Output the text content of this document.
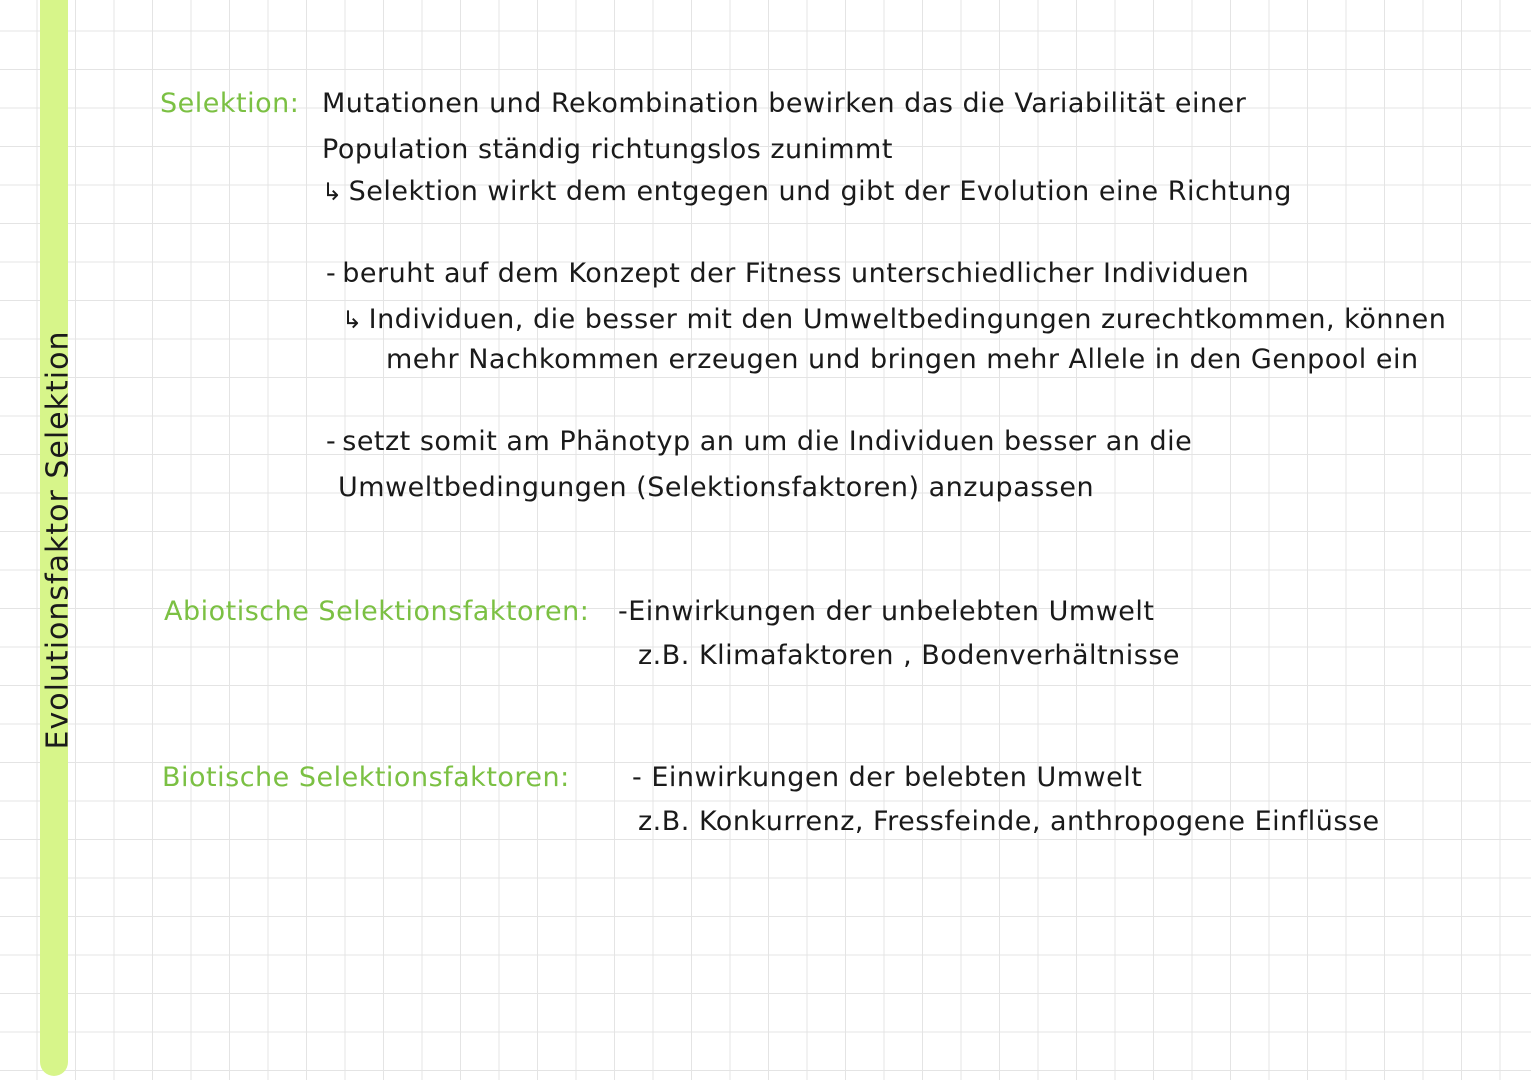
Evolutionsfaktor Selektion
Selektion: Mutationen und Rekombination bewirken das die Variabilität einer
Population ständig richtungslos zunimmt
↳ Selektion wirkt dem entgegen und gibt der Evolution eine Richtung
- beruht auf dem Konzept der Fitness unterschiedlicher Individuen
↳ Individuen, die besser mit den Umweltbedingungen zurechtkommen, können
mehr Nachkommen erzeugen und bringen mehr Allele in den Genpool ein
- setzt somit am Phänotyp an um die Individuen besser an die
Umweltbedingungen (Selektionsfaktoren) anzupassen
Abiotische Selektionsfaktoren: -Einwirkungen der unbelebten Umwelt
z.B. Klimafaktoren , Bodenverhältnisse
Biotische Selektionsfaktoren: - Einwirkungen der belebten Umwelt
z.B. Konkurrenz, Fressfeinde, anthropogene Einflüsse
